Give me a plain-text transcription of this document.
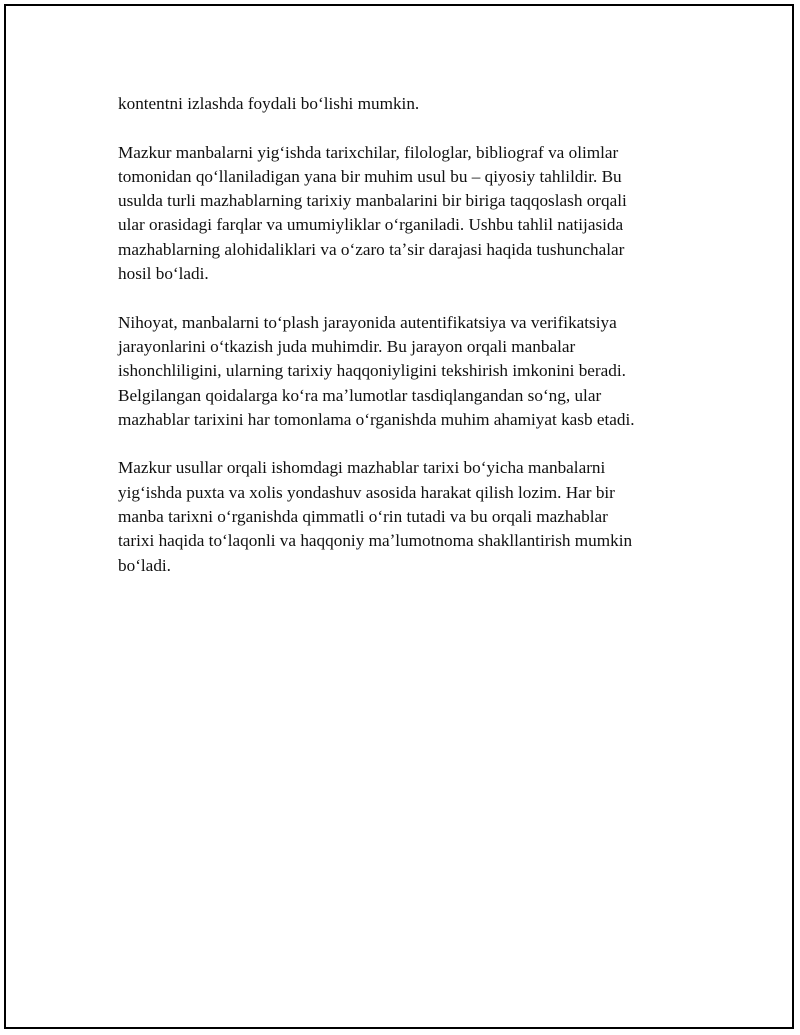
kontentni izlashda foydali boʻlishi mumkin.

Mazkur manbalarni yigʻishda tarixchilar, filologlar, bibliograf va olimlar
tomonidan qoʻllaniladigan yana bir muhim usul bu – qiyosiy tahlildir. Bu
usulda turli mazhablarning tarixiy manbalarini bir biriga taqqoslash orqali
ular orasidagi farqlar va umumiyliklar oʻrganiladi. Ushbu tahlil natijasida
mazhablarning alohidaliklari va oʻzaro taʼsir darajasi haqida tushunchalar
hosil boʻladi.

Nihoyat, manbalarni toʻplash jarayonida autentifikatsiya va verifikatsiya
jarayonlarini oʻtkazish juda muhimdir. Bu jarayon orqali manbalar
ishonchliligini, ularning tarixiy haqqoniyligini tekshirish imkonini beradi.
Belgilangan qoidalarga koʻra maʼlumotlar tasdiqlangandan soʻng, ular
mazhablar tarixini har tomonlama oʻrganishda muhim ahamiyat kasb etadi.

Mazkur usullar orqali ishomdagi mazhablar tarixi boʻyicha manbalarni
yigʻishda puxta va xolis yondashuv asosida harakat qilish lozim. Har bir
manba tarixni oʻrganishda qimmatli oʻrin tutadi va bu orqali mazhablar
tarixi haqida toʻlaqonli va haqqoniy maʼlumotnoma shakllantirish mumkin
boʻladi.
